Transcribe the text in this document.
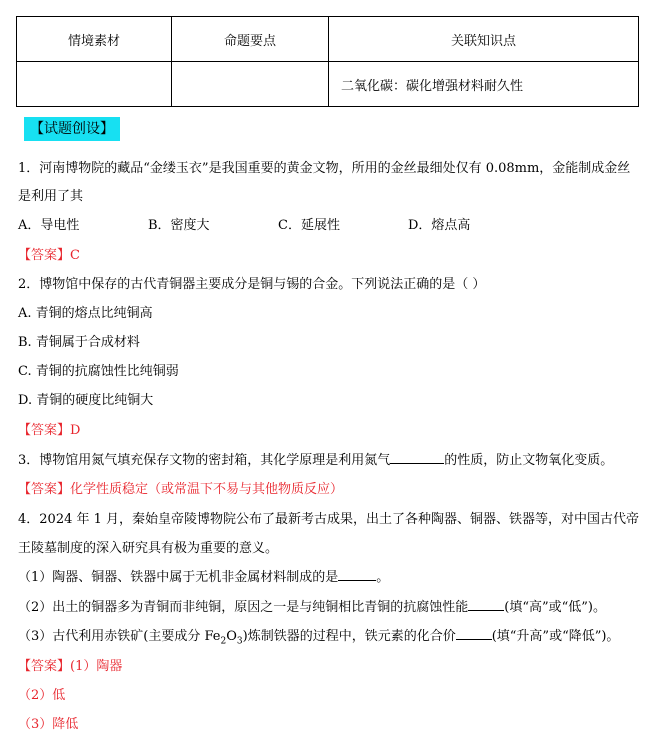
情境素材	命题要点	关联知识点
		二氧化碳：碳化增强材料耐久性
【试题创设】
1．河南博物院的藏品“金缕玉衣”是我国重要的黄金文物，所用的金丝最细处仅有 0.08mm，金能制成金丝
是利用了其
A．导电性	B．密度大	C．延展性	D．熔点高
【答案】C
2．博物馆中保存的古代青铜器主要成分是铜与锡的合金。下列说法正确的是（ ）
A. 青铜的熔点比纯铜高
B. 青铜属于合成材料
C. 青铜的抗腐蚀性比纯铜弱
D. 青铜的硬度比纯铜大
【答案】D
3．博物馆用氮气填充保存文物的密封箱，其化学原理是利用氮气	的性质，防止文物氧化变质。
【答案】化学性质稳定（或常温下不易与其他物质反应）
4．2024 年 1 月，秦始皇帝陵博物院公布了最新考古成果，出土了各种陶器、铜器、铁器等，对中国古代帝
王陵墓制度的深入研究具有极为重要的意义。
（1）陶器、铜器、铁器中属于无机非金属材料制成的是	。
（2）出土的铜器多为青铜而非纯铜，原因之一是与纯铜相比青铜的抗腐蚀性能	(填“高”或“低”)。
（3）古代利用赤铁矿(主要成分 $Fe_2O_3$)炼制铁器的过程中，铁元素的化合价	(填“升高”或“降低”)。
【答案】(1）陶器
（2）低
（3）降低
